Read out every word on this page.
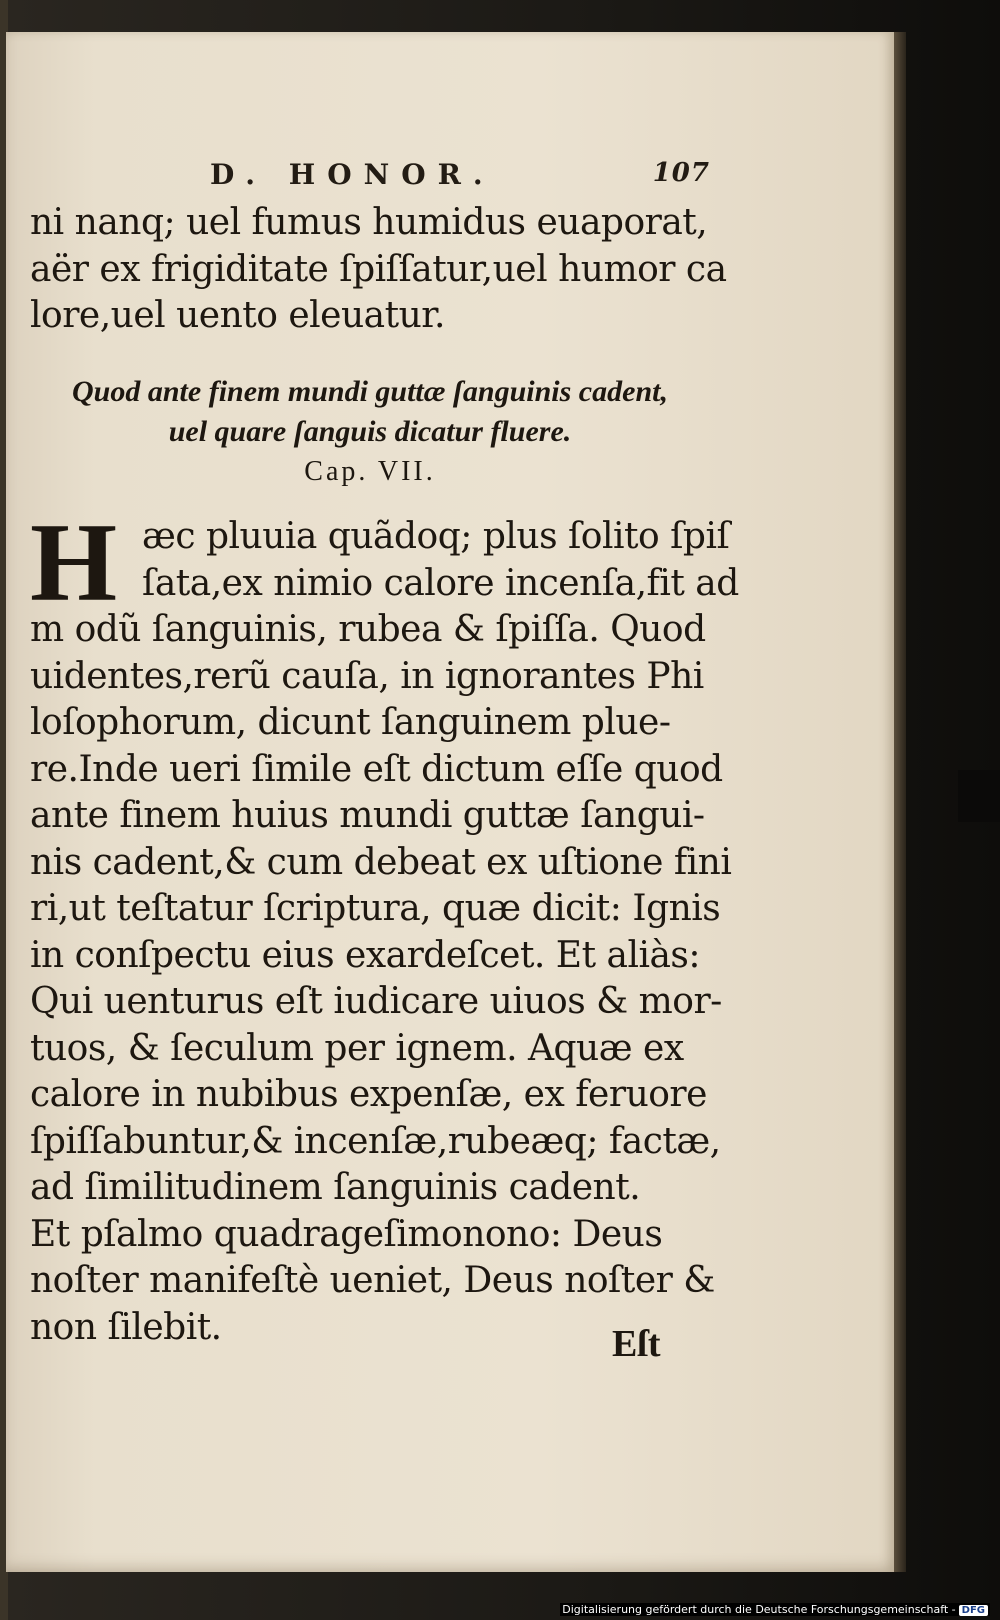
D. HONOR.	107
ni nanq; uel fumus humidus euaporat,
aër ex frigiditate ſpiſſatur,uel humor ca
lore,uel uento eleuatur.
Quod ante finem mundi guttæ ſanguinis cadent,
uel quare ſanguis dicatur fluere.
Cap. VII.
H æc pluuia quãdoq; plus ſolito ſpiſ
ſata,ex nimio calore incenſa,fit ad
m odũ ſanguinis, rubea & ſpiſſa. Quod
uidentes,rerũ cauſa, in ignorantes Phi
loſophorum, dicunt ſanguinem plue-
re.Inde ueri ſimile eſt dictum eſſe quod
ante finem huius mundi guttæ ſangui-
nis cadent,& cum debeat ex uſtione fini
ri,ut teſtatur ſcriptura, quæ dicit: Ignis
in conſpectu eius exardeſcet. Et aliàs:
Qui uenturus eſt iudicare uiuos & mor-
tuos, & ſeculum per ignem. Aquæ ex
calore in nubibus expenſæ, ex feruore
ſpiſſabuntur,& incenſæ,rubeæq; factæ,
ad ſimilitudinem ſanguinis cadent.
Et pſalmo quadrageſimonono: Deus
noſter manifeſtè ueniet, Deus noſter &
non ſilebit.	Eſt
Digitalisierung gefördert durch die Deutsche Forschungsgemeinschaft - DFG
